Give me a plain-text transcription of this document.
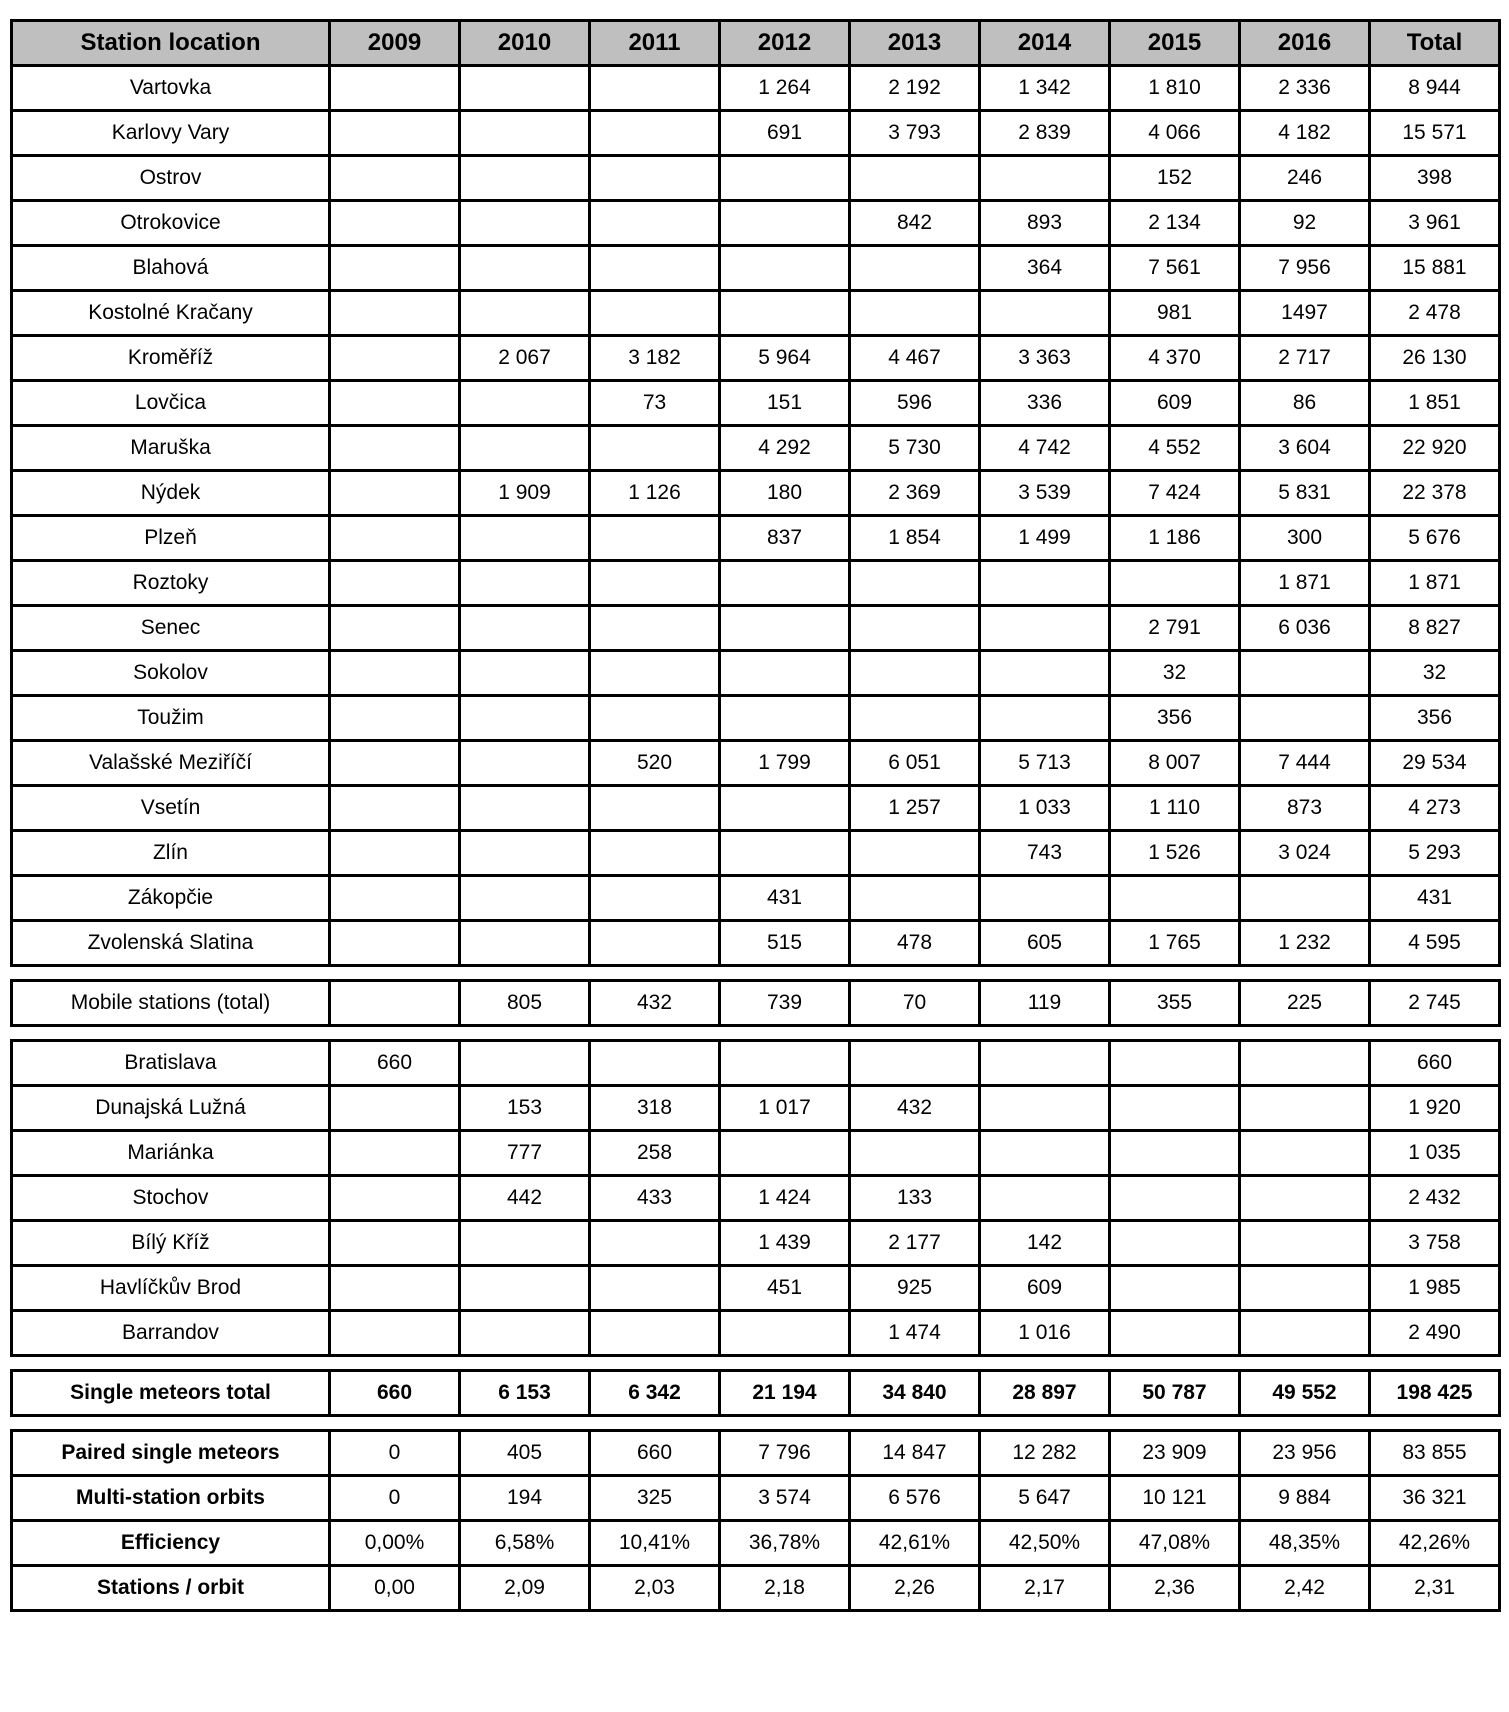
Station location	2009	2010	2011	2012	2013	2014	2015	2016	Total
Vartovka				1 264	2 192	1 342	1 810	2 336	8 944
Karlovy Vary				691	3 793	2 839	4 066	4 182	15 571
Ostrov							152	246	398
Otrokovice					842	893	2 134	92	3 961
Blahová						364	7 561	7 956	15 881
Kostolné Kračany							981	1497	2 478
Kroměříž		2 067	3 182	5 964	4 467	3 363	4 370	2 717	26 130
Lovčica			73	151	596	336	609	86	1 851
Maruška				4 292	5 730	4 742	4 552	3 604	22 920
Nýdek		1 909	1 126	180	2 369	3 539	7 424	5 831	22 378
Plzeň				837	1 854	1 499	1 186	300	5 676
Roztoky								1 871	1 871
Senec							2 791	6 036	8 827
Sokolov							32		32
Toužim							356		356
Valašské Meziříčí			520	1 799	6 051	5 713	8 007	7 444	29 534
Vsetín					1 257	1 033	1 110	873	4 273
Zlín						743	1 526	3 024	5 293
Zákopčie				431					431
Zvolenská Slatina				515	478	605	1 765	1 232	4 595
Mobile stations (total)		805	432	739	70	119	355	225	2 745
Bratislava	660								660
Dunajská Lužná		153	318	1 017	432				1 920
Mariánka		777	258						1 035
Stochov		442	433	1 424	133				2 432
Bílý Kříž				1 439	2 177	142			3 758
Havlíčkův Brod				451	925	609			1 985
Barrandov					1 474	1 016			2 490
Single meteors total	660	6 153	6 342	21 194	34 840	28 897	50 787	49 552	198 425
Paired single meteors	0	405	660	7 796	14 847	12 282	23 909	23 956	83 855
Multi-station orbits	0	194	325	3 574	6 576	5 647	10 121	9 884	36 321
Efficiency	0,00%	6,58%	10,41%	36,78%	42,61%	42,50%	47,08%	48,35%	42,26%
Stations / orbit	0,00	2,09	2,03	2,18	2,26	2,17	2,36	2,42	2,31
